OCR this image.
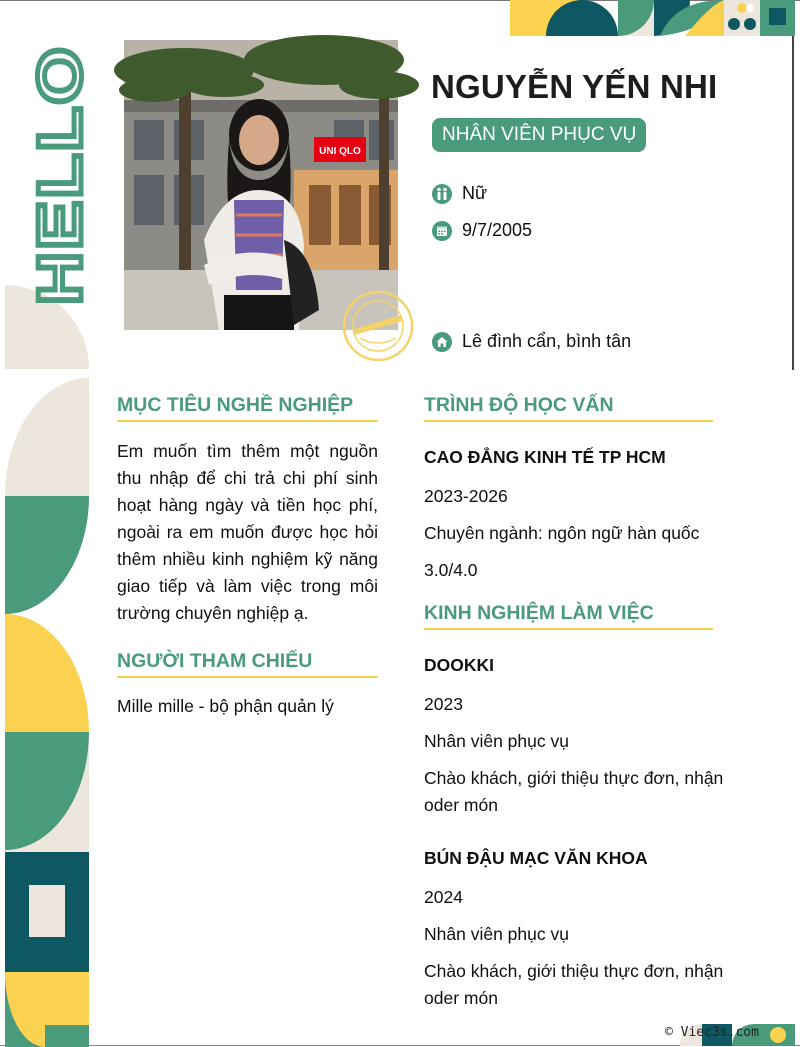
HELLO	UNI QLO
NGUYỄN YẾN NHI
NHÂN VIÊN PHỤC VỤ
Nữ
9/7/2005
Lê đình cẩn, bình tân
MỤC TIÊU NGHỀ NGHIỆP
Em muốn tìm thêm một nguồn thu nhập để chi trả chi phí sinh hoạt hàng ngày và tiền học phí, ngoài ra em muốn được học hỏi thêm nhiều kinh nghiệm kỹ năng giao tiếp và làm việc trong môi trường chuyên nghiệp ạ.
NGƯỜI THAM CHIẾU
Mille mille - bộ phận quản lý
TRÌNH ĐỘ HỌC VẤN
CAO ĐẲNG KINH TẾ TP HCM
2023-2026
Chuyên ngành: ngôn ngữ hàn quốc
3.0/4.0
KINH NGHIỆM LÀM VIỆC
DOOKKI
2023
Nhân viên phục vụ
Chào khách, giới thiệu thực đơn, nhận oder món
BÚN ĐẬU MẠC VĂN KHOA
2024
Nhân viên phục vụ
Chào khách, giới thiệu thực đơn, nhận oder món
© Viec3s.com
